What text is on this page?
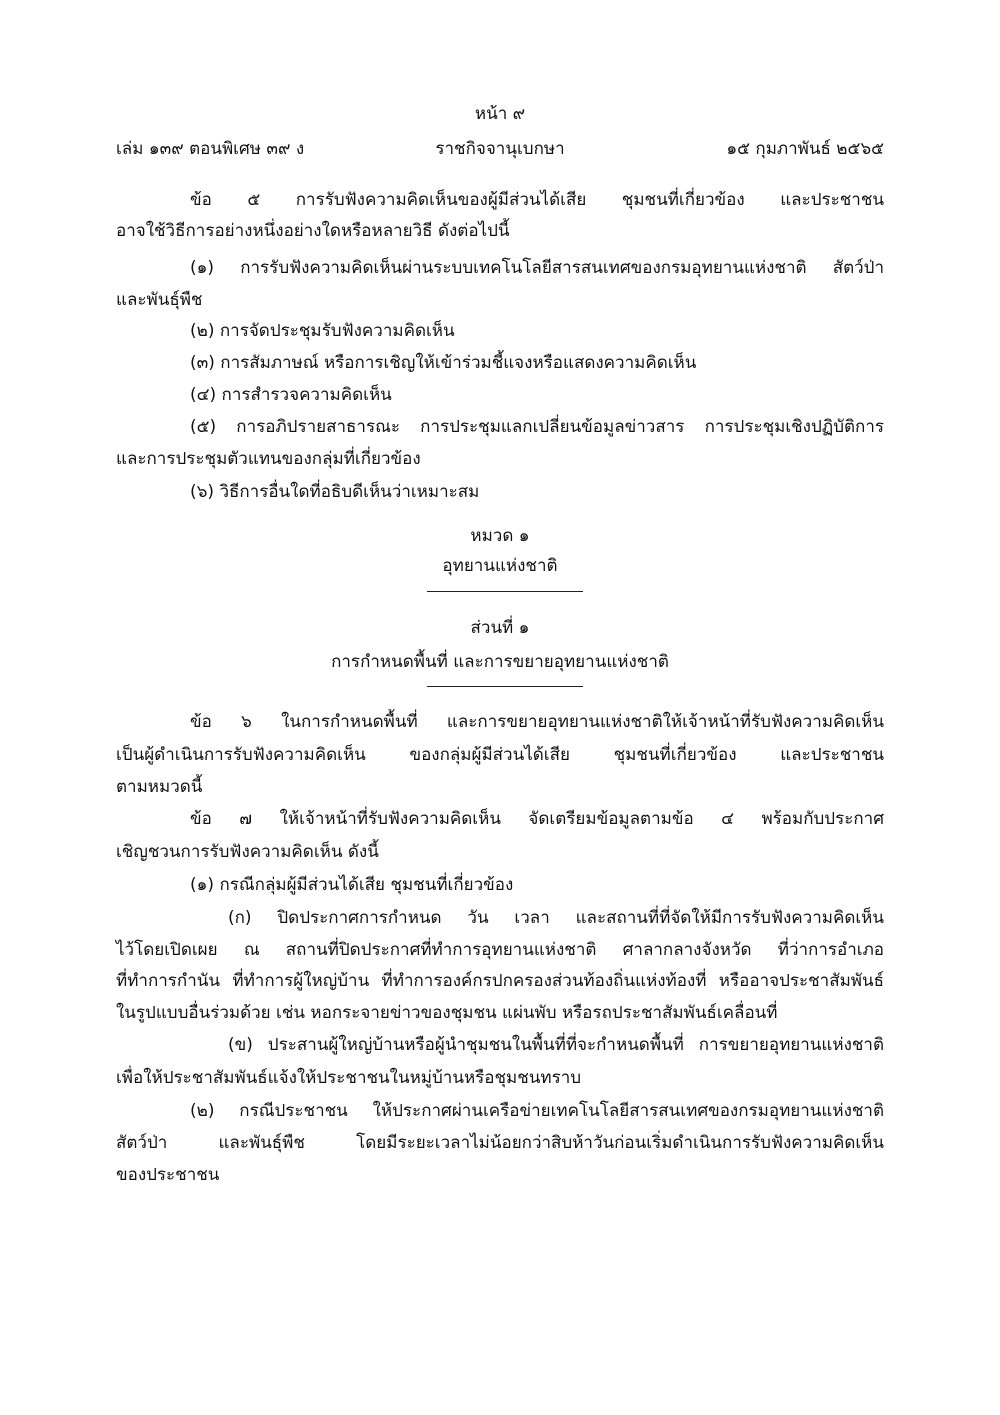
หน้า ๙
เล่ม ๑๓๙ ตอนพิเศษ ๓๙ ง	ราชกิจจานุเบกษา	๑๕ กุมภาพันธ์ ๒๕๖๕
ข้อ ๕ การรับฟังความคิดเห็นของผู้มีส่วนได้เสีย ชุมชนที่เกี่ยวข้อง และประชาชน
อาจใช้วิธีการอย่างหนึ่งอย่างใดหรือหลายวิธี ดังต่อไปนี้
(๑) การรับฟังความคิดเห็นผ่านระบบเทคโนโลยีสารสนเทศของกรมอุทยานแห่งชาติ สัตว์ป่า
และพันธุ์พืช
(๒) การจัดประชุมรับฟังความคิดเห็น
(๓) การสัมภาษณ์ หรือการเชิญให้เข้าร่วมชี้แจงหรือแสดงความคิดเห็น
(๔) การสำรวจความคิดเห็น
(๕) การอภิปรายสาธารณะ การประชุมแลกเปลี่ยนข้อมูลข่าวสาร การประชุมเชิงปฏิบัติการ
และการประชุมตัวแทนของกลุ่มที่เกี่ยวข้อง
(๖) วิธีการอื่นใดที่อธิบดีเห็นว่าเหมาะสม
หมวด ๑
อุทยานแห่งชาติ
ส่วนที่ ๑
การกำหนดพื้นที่ และการขยายอุทยานแห่งชาติ
ข้อ ๖ ในการกำหนดพื้นที่ และการขยายอุทยานแห่งชาติให้เจ้าหน้าที่รับฟังความคิดเห็น
เป็นผู้ดำเนินการรับฟังความคิดเห็น ของกลุ่มผู้มีส่วนได้เสีย ชุมชนที่เกี่ยวข้อง และประชาชน
ตามหมวดนี้
ข้อ ๗ ให้เจ้าหน้าที่รับฟังความคิดเห็น จัดเตรียมข้อมูลตามข้อ ๔ พร้อมกับประกาศ
เชิญชวนการรับฟังความคิดเห็น ดังนี้
(๑) กรณีกลุ่มผู้มีส่วนได้เสีย ชุมชนที่เกี่ยวข้อง
(ก) ปิดประกาศการกำหนด วัน เวลา และสถานที่ที่จัดให้มีการรับฟังความคิดเห็น
ไว้โดยเปิดเผย ณ สถานที่ปิดประกาศที่ทำการอุทยานแห่งชาติ ศาลากลางจังหวัด ที่ว่าการอำเภอ
ที่ทำการกำนัน ที่ทำการผู้ใหญ่บ้าน ที่ทำการองค์กรปกครองส่วนท้องถิ่นแห่งท้องที่ หรืออาจประชาสัมพันธ์
ในรูปแบบอื่นร่วมด้วย เช่น หอกระจายข่าวของชุมชน แผ่นพับ หรือรถประชาสัมพันธ์เคลื่อนที่
(ข) ประสานผู้ใหญ่บ้านหรือผู้นำชุมชนในพื้นที่ที่จะกำหนดพื้นที่ การขยายอุทยานแห่งชาติ
เพื่อให้ประชาสัมพันธ์แจ้งให้ประชาชนในหมู่บ้านหรือชุมชนทราบ
(๒) กรณีประชาชน ให้ประกาศผ่านเครือข่ายเทคโนโลยีสารสนเทศของกรมอุทยานแห่งชาติ
สัตว์ป่า และพันธุ์พืช โดยมีระยะเวลาไม่น้อยกว่าสิบห้าวันก่อนเริ่มดำเนินการรับฟังความคิดเห็น
ของประชาชน
